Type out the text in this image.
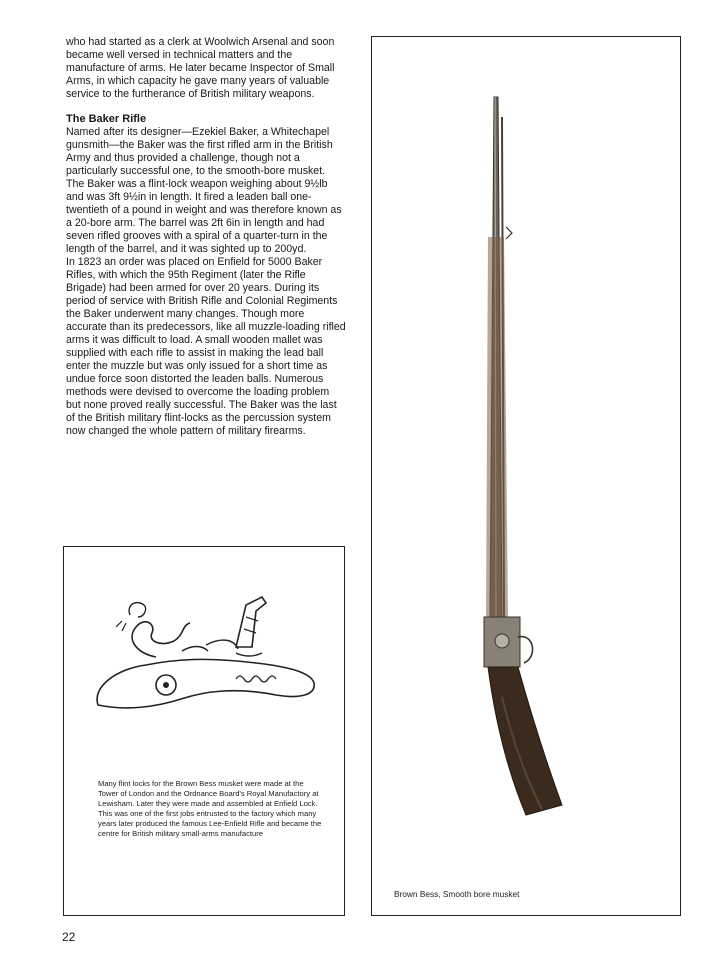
who had started as a clerk at Woolwich Arsenal and soon became well versed in technical matters and the manufacture of arms. He later became Inspector of Small Arms, in which capacity he gave many years of valuable service to the furtherance of British military weapons.

The Baker Rifle

Named after its designer—Ezekiel Baker, a Whitechapel gunsmith—the Baker was the first rifled arm in the British Army and thus provided a challenge, though not a particularly successful one, to the smooth-bore musket. The Baker was a flint-lock weapon weighing about 9½lb and was 3ft 9½in in length. It fired a leaden ball one-twentieth of a pound in weight and was therefore known as a 20-bore arm. The barrel was 2ft 6in in length and had seven rifled grooves with a spiral of a quarter-turn in the length of the barrel, and it was sighted up to 200yd.

In 1823 an order was placed on Enfield for 5000 Baker Rifles, with which the 95th Regiment (later the Rifle Brigade) had been armed for over 20 years. During its period of service with British Rifle and Colonial Regiments the Baker underwent many changes. Though more accurate than its predecessors, like all muzzle-loading rifled arms it was difficult to load. A small wooden mallet was supplied with each rifle to assist in making the lead ball enter the muzzle but was only issued for a short time as undue force soon distorted the leaden balls. Numerous methods were devised to overcome the loading problem but none proved really successful. The Baker was the last of the British military flint-locks as the percussion system now changed the whole pattern of military firearms.

Many flint locks for the Brown Bess musket were made at the Tower of London and the Ordnance Board's Royal Manufactory at Lewisham. Later they were made and assembled at Enfield Lock. This was one of the first jobs entrusted to the factory which many years later produced the famous Lee-Enfield Rifle and became the centre for British military small-arms manufacture
Brown Bess, Smooth bore musket
22
